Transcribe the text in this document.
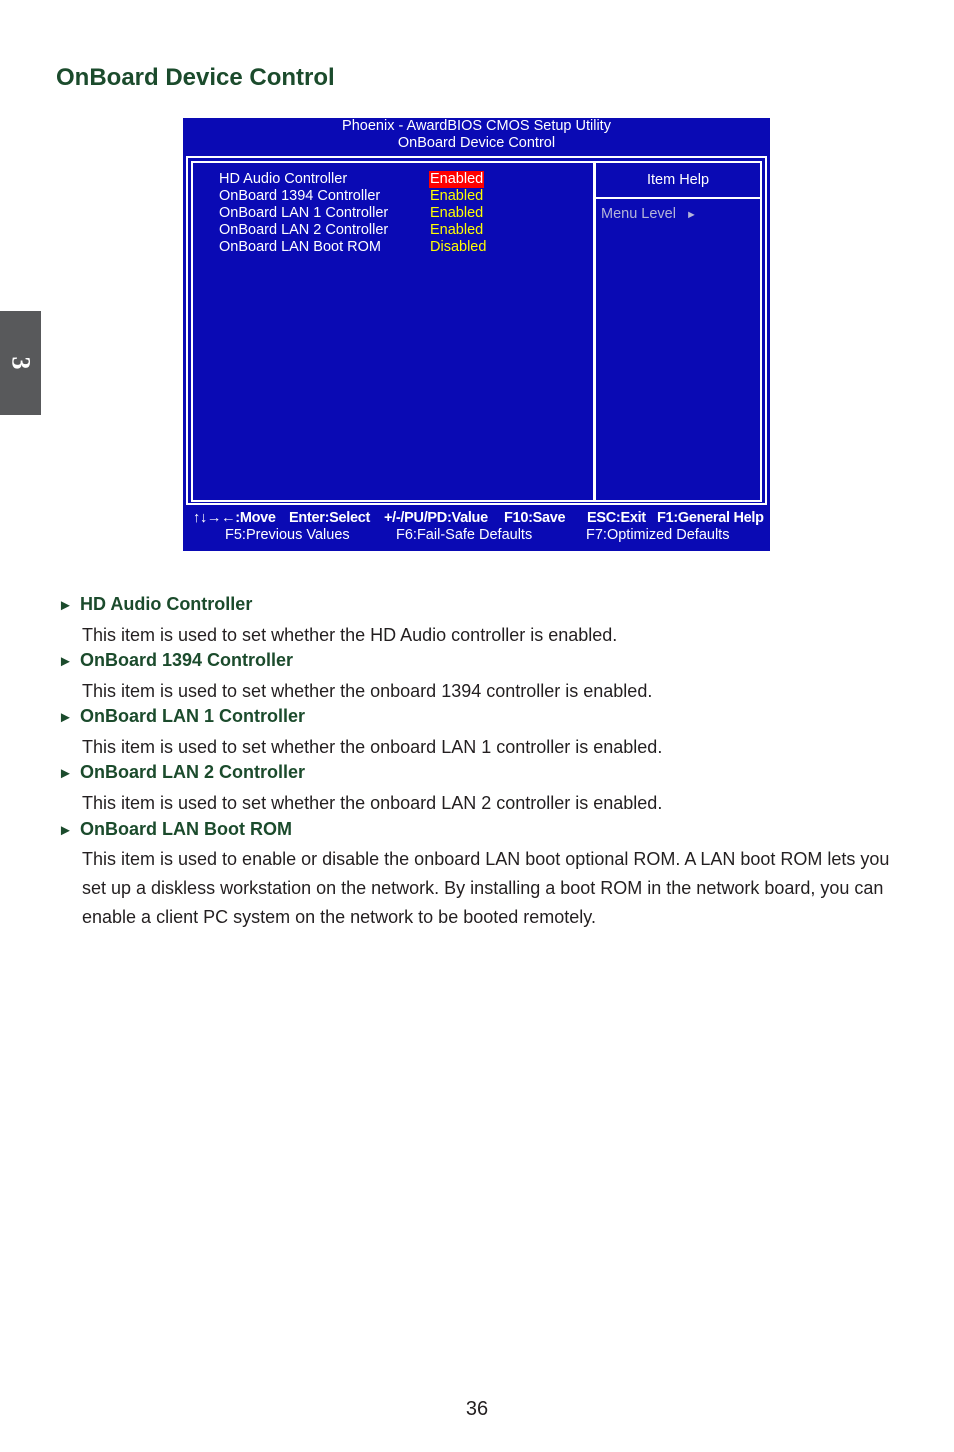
3
OnBoard Device Control
Phoenix - AwardBIOS CMOS Setup Utility
OnBoard Device Control
HD Audio Controller	Enabled
OnBoard 1394 Controller	Enabled
OnBoard LAN 1 Controller	Enabled
OnBoard LAN 2 Controller	Enabled
OnBoard LAN Boot ROM	Disabled
Item Help
Menu Level ►
↑↓→←:Move Enter:Select +/-/PU/PD:Value F10:Save ESC:Exit F1:General Help
F5:Previous Values	F6:Fail-Safe Defaults	F7:Optimized Defaults
► HD Audio Controller

This item is used to set whether the HD Audio controller is enabled.

► OnBoard 1394 Controller

This item is used to set whether the onboard 1394 controller is enabled.

► OnBoard LAN 1 Controller

This item is used to set whether the onboard LAN 1 controller is enabled.

► OnBoard LAN 2 Controller

This item is used to set whether the onboard LAN 2 controller is enabled.

► OnBoard LAN Boot ROM

This item is used to enable or disable the onboard LAN boot optional ROM. A LAN boot ROM lets you set up a diskless workstation on the network. By installing a boot ROM in the network board, you can enable a client PC system on the network to be booted remotely.

36
